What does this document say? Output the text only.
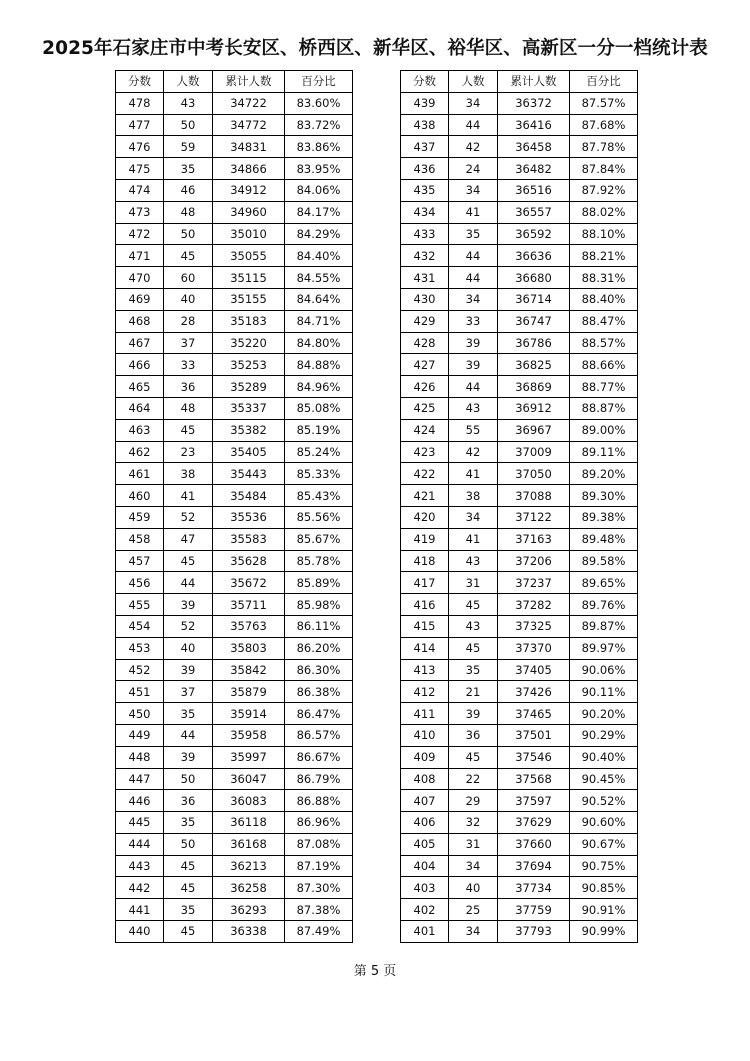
2025年石家庄市中考长安区、桥西区、新华区、裕华区、高新区一分一档统计表
分数	人数	累计人数	百分比
478	43	34722	83.60%
477	50	34772	83.72%
476	59	34831	83.86%
475	35	34866	83.95%
474	46	34912	84.06%
473	48	34960	84.17%
472	50	35010	84.29%
471	45	35055	84.40%
470	60	35115	84.55%
469	40	35155	84.64%
468	28	35183	84.71%
467	37	35220	84.80%
466	33	35253	84.88%
465	36	35289	84.96%
464	48	35337	85.08%
463	45	35382	85.19%
462	23	35405	85.24%
461	38	35443	85.33%
460	41	35484	85.43%
459	52	35536	85.56%
458	47	35583	85.67%
457	45	35628	85.78%
456	44	35672	85.89%
455	39	35711	85.98%
454	52	35763	86.11%
453	40	35803	86.20%
452	39	35842	86.30%
451	37	35879	86.38%
450	35	35914	86.47%
449	44	35958	86.57%
448	39	35997	86.67%
447	50	36047	86.79%
446	36	36083	86.88%
445	35	36118	86.96%
444	50	36168	87.08%
443	45	36213	87.19%
442	45	36258	87.30%
441	35	36293	87.38%
440	45	36338	87.49%
分数	人数	累计人数	百分比
439	34	36372	87.57%
438	44	36416	87.68%
437	42	36458	87.78%
436	24	36482	87.84%
435	34	36516	87.92%
434	41	36557	88.02%
433	35	36592	88.10%
432	44	36636	88.21%
431	44	36680	88.31%
430	34	36714	88.40%
429	33	36747	88.47%
428	39	36786	88.57%
427	39	36825	88.66%
426	44	36869	88.77%
425	43	36912	88.87%
424	55	36967	89.00%
423	42	37009	89.11%
422	41	37050	89.20%
421	38	37088	89.30%
420	34	37122	89.38%
419	41	37163	89.48%
418	43	37206	89.58%
417	31	37237	89.65%
416	45	37282	89.76%
415	43	37325	89.87%
414	45	37370	89.97%
413	35	37405	90.06%
412	21	37426	90.11%
411	39	37465	90.20%
410	36	37501	90.29%
409	45	37546	90.40%
408	22	37568	90.45%
407	29	37597	90.52%
406	32	37629	90.60%
405	31	37660	90.67%
404	34	37694	90.75%
403	40	37734	90.85%
402	25	37759	90.91%
401	34	37793	90.99%
第 5 页
